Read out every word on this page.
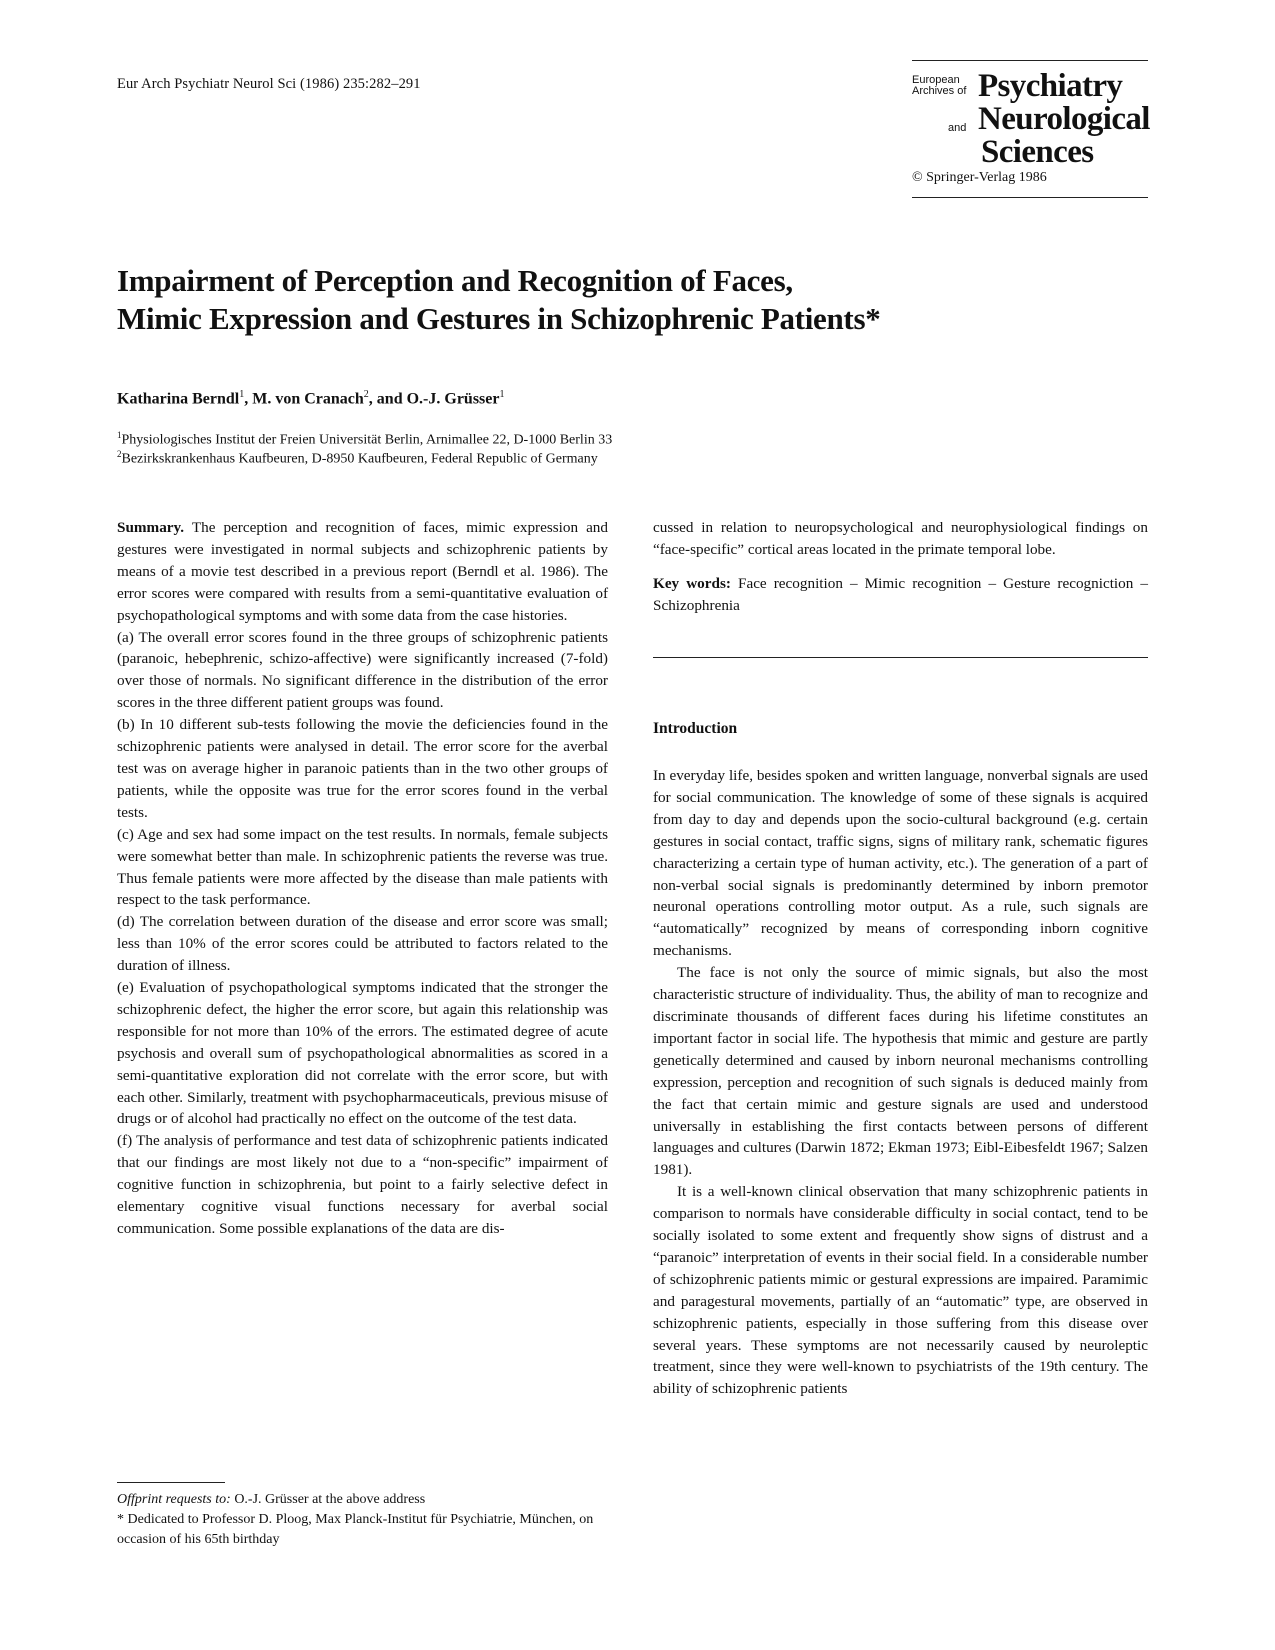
Eur Arch Psychiatr Neurol Sci (1986) 235:282–291	European
Archives of Psychiatry
and Neurological
Sciences
© Springer-Verlag 1986
Impairment of Perception and Recognition of Faces,
Mimic Expression and Gestures in Schizophrenic Patients*
Katharina Berndl$^1$, M. von Cranach$^2$, and O.-J. Grüsser$^1$
$^1$Physiologisches Institut der Freien Universität Berlin, Arnimallee 22, D-1000 Berlin 33
$^2$Bezirkskrankenhaus Kaufbeuren, D-8950 Kaufbeuren, Federal Republic of Germany

Summary. The perception and recognition of faces, mimic expression and gestures were investigated in normal subjects and schizophrenic patients by means of a movie test described in a previous report (Berndl et al. 1986). The error scores were compared with results from a semi-quantitative evaluation of psychopathological symptoms and with some data from the case histories.

(a) The overall error scores found in the three groups of schizophrenic patients (paranoic, hebephrenic, schizo-affective) were significantly increased (7-fold) over those of normals. No significant difference in the distribution of the error scores in the three different patient groups was found.

(b) In 10 different sub-tests following the movie the deficiencies found in the schizophrenic patients were analysed in detail. The error score for the averbal test was on average higher in paranoic patients than in the two other groups of patients, while the opposite was true for the error scores found in the verbal tests.

(c) Age and sex had some impact on the test results. In normals, female subjects were somewhat better than male. In schizophrenic patients the reverse was true. Thus female patients were more affected by the disease than male patients with respect to the task performance.

(d) The correlation between duration of the disease and error score was small; less than 10% of the error scores could be attributed to factors related to the duration of illness.

(e) Evaluation of psychopathological symptoms indicated that the stronger the schizophrenic defect, the higher the error score, but again this relationship was responsible for not more than 10% of the errors. The estimated degree of acute psychosis and overall sum of psychopathological abnormalities as scored in a semi-quantitative exploration did not correlate with the error score, but with each other. Similarly, treatment with psychopharmaceuticals, previous misuse of drugs or of alcohol had practically no effect on the outcome of the test data.

(f) The analysis of performance and test data of schizophrenic patients indicated that our findings are most likely not due to a “non-specific” impairment of cognitive function in schizophrenia, but point to a fairly selective defect in elementary cognitive visual functions necessary for averbal social communication. Some possible explanations of the data are dis-

cussed in relation to neuropsychological and neurophysiological findings on “face-specific” cortical areas located in the primate temporal lobe.

Key words: Face recognition – Mimic recognition – Gesture recogniction – Schizophrenia

Introduction

In everyday life, besides spoken and written language, nonverbal signals are used for social communication. The knowledge of some of these signals is acquired from day to day and depends upon the socio-cultural background (e.g. certain gestures in social contact, traffic signs, signs of military rank, schematic figures characterizing a certain type of human activity, etc.). The generation of a part of non-verbal social signals is predominantly determined by inborn premotor neuronal operations controlling motor output. As a rule, such signals are “automatically” recognized by means of corresponding inborn cognitive mechanisms.

The face is not only the source of mimic signals, but also the most characteristic structure of individuality. Thus, the ability of man to recognize and discriminate thousands of different faces during his lifetime constitutes an important factor in social life. The hypothesis that mimic and gesture are partly genetically determined and caused by inborn neuronal mechanisms controlling expression, perception and recognition of such signals is deduced mainly from the fact that certain mimic and gesture signals are used and understood universally in establishing the first contacts between persons of different languages and cultures (Darwin 1872; Ekman 1973; Eibl-Eibesfeldt 1967; Salzen 1981).

It is a well-known clinical observation that many schizophrenic patients in comparison to normals have considerable difficulty in social contact, tend to be socially isolated to some extent and frequently show signs of distrust and a “paranoic” interpretation of events in their social field. In a considerable number of schizophrenic patients mimic or gestural expressions are impaired. Paramimic and paragestural movements, partially of an “automatic” type, are observed in schizophrenic patients, especially in those suffering from this disease over several years. These symptoms are not necessarily caused by neuroleptic treatment, since they were well-known to psychiatrists of the 19th century. The ability of schizophrenic patients

Offprint requests to: O.-J. Grüsser at the above address

* Dedicated to Professor D. Ploog, Max Planck-Institut für Psychiatrie, München, on occasion of his 65th birthday
